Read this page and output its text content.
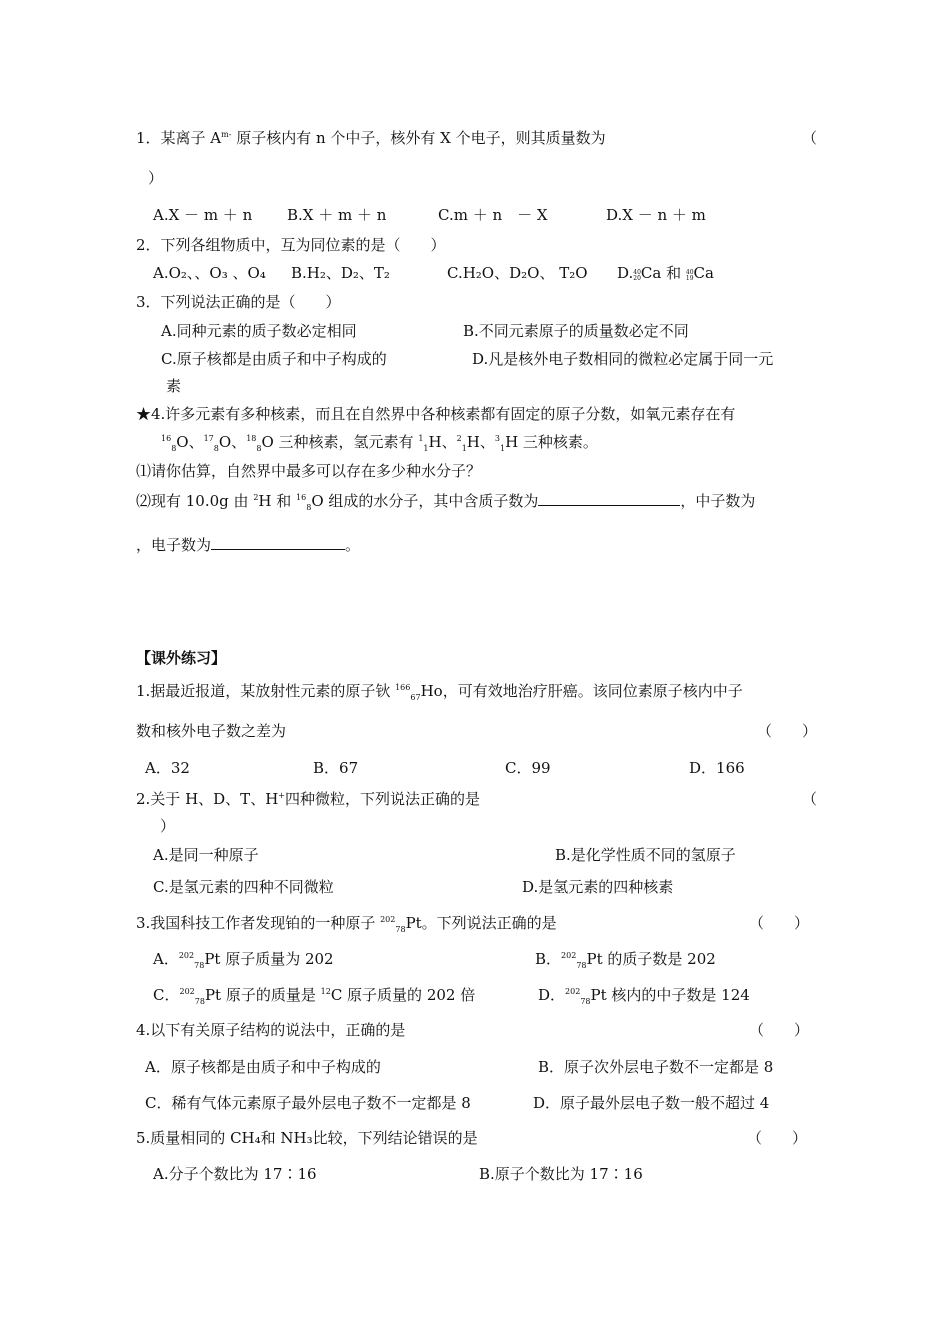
1．某离子 $A^{m-}$ 原子核内有 n 个中子，核外有 X 个电子，则其质量数为	（
）
A.X － m ＋ n B.X ＋ m ＋ n	C.m ＋ n　－ X	D.X － n ＋ m
2．下列各组物质中，互为同位素的是（　　）
A.O₂、、O₃ 、O₄ B.H₂、D₂、T₂	C.H₂O、D₂O、 T₂O D.40
20Ca 和 40
19Ca
3．下列说法正确的是（　　）
A.同种元素的质子数必定相同	B.不同元素原子的质量数必定不同
C.原子核都是由质子和中子构成的	D.凡是核外电子数相同的微粒必定属于同一元
素
★4.许多元素有多种核素，而且在自然界中各种核素都有固定的原子分数，如氧元素存在有
$^{16}_8$O、$^{17}_8$O、$^{18}_8$O 三种核素，氢元素有 $^1_1$H、$^2_1$H、$^3_1$H 三种核素。
⑴请你估算，自然界中最多可以存在多少种水分子？
⑵现有 10.0g 由 $^2$H 和 $^{16}_8$O 组成的水分子，其中含质子数为	，中子数为
，电子数为	。
【课外练习】
1.据最近报道，某放射性元素的原子钬 $^{166}_{67}$Ho，可有效地治疗肝癌。该同位素原子核内中子
数和核外电子数之差为	（　　）
A．32	B．67	C．99	D．166
2.关于 H、D、T、H+四种微粒，下列说法正确的是	（
）
A.是同一种原子	B.是化学性质不同的氢原子
C.是氢元素的四种不同微粒	D.是氢元素的四种核素
3.我国科技工作者发现铂的一种原子 $^{202}_{78}$Pt。下列说法正确的是	（　　）
A．$^{202}_{78}$Pt 原子质量为 202	B．$^{202}_{78}$Pt 的质子数是 202
C．$^{202}_{78}$Pt 原子的质量是 $^{12}$C 原子质量的 202 倍	D．$^{202}_{78}$Pt 核内的中子数是 124
4.以下有关原子结构的说法中，正确的是	（　　）
A．原子核都是由质子和中子构成的	B．原子次外层电子数不一定都是 8
C．稀有气体元素原子最外层电子数不一定都是 8	D．原子最外层电子数一般不超过 4
5.质量相同的 CH₄和 NH₃比较，下列结论错误的是	（　　）
A.分子个数比为 17∶16	B.原子个数比为 17∶16
